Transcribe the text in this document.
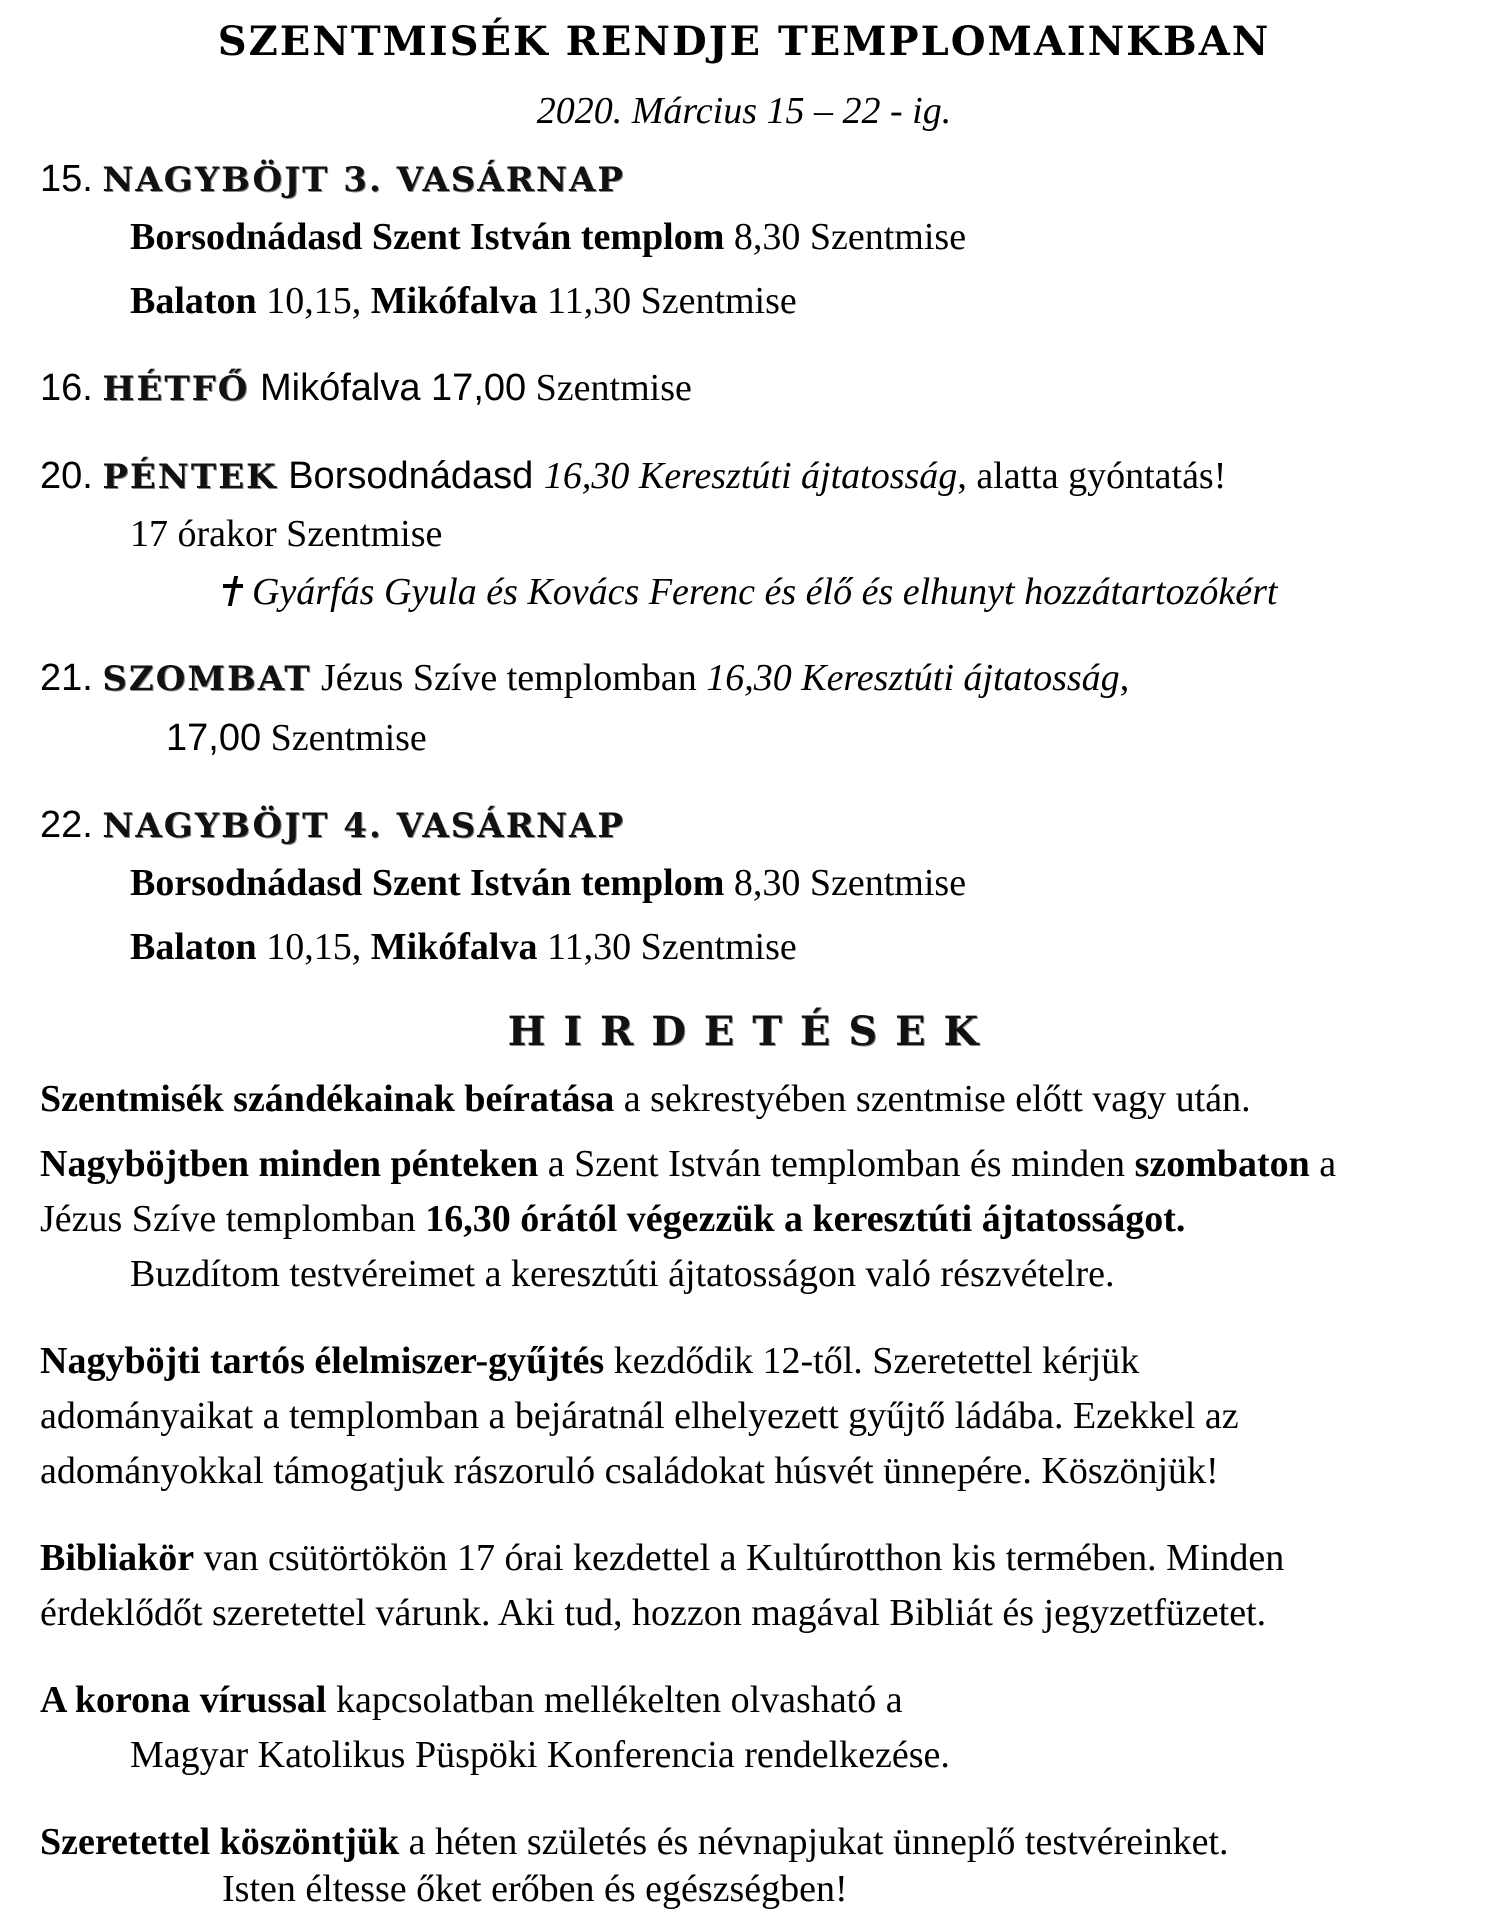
SZENTMISÉK RENDJE TEMPLOMAINKBAN
2020. Március 15 – 22 - ig.
15. NAGYBÖJT 3. VASÁRNAP
Borsodnádasd Szent István templom 8,30 Szentmise
Balaton 10,15, Mikófalva 11,30 Szentmise
16. HÉTFŐ Mikófalva 17,00 Szentmise
20. PÉNTEK Borsodnádasd 16,30 Keresztúti ájtatosság, alatta gyóntatás!
17 órakor Szentmise
Gyárfás Gyula és Kovács Ferenc és élő és elhunyt hozzátartozókért
21. SZOMBAT Jézus Szíve templomban 16,30 Keresztúti ájtatosság,
17,00 Szentmise
22. NAGYBÖJT 4. VASÁRNAP
Borsodnádasd Szent István templom 8,30 Szentmise
Balaton 10,15, Mikófalva 11,30 Szentmise
H I R D E T É S E K
Szentmisék szándékainak beíratása a sekrestyében szentmise előtt vagy után.
Nagyböjtben minden pénteken a Szent István templomban és minden szombaton a
Jézus Szíve templomban 16,30 órától végezzük a keresztúti ájtatosságot.
Buzdítom testvéreimet a keresztúti ájtatosságon való részvételre.
Nagyböjti tartós élelmiszer-gyűjtés kezdődik 12-től. Szeretettel kérjük
adományaikat a templomban a bejáratnál elhelyezett gyűjtő ládába. Ezekkel az
adományokkal támogatjuk rászoruló családokat húsvét ünnepére. Köszönjük!
Bibliakör van csütörtökön 17 órai kezdettel a Kultúrotthon kis termében. Minden
érdeklődőt szeretettel várunk. Aki tud, hozzon magával Bibliát és jegyzetfüzetet.
A korona vírussal kapcsolatban mellékelten olvasható a
Magyar Katolikus Püspöki Konferencia rendelkezése.
Szeretettel köszöntjük a héten születés és névnapjukat ünneplő testvéreinket.
Isten éltesse őket erőben és egészségben!
